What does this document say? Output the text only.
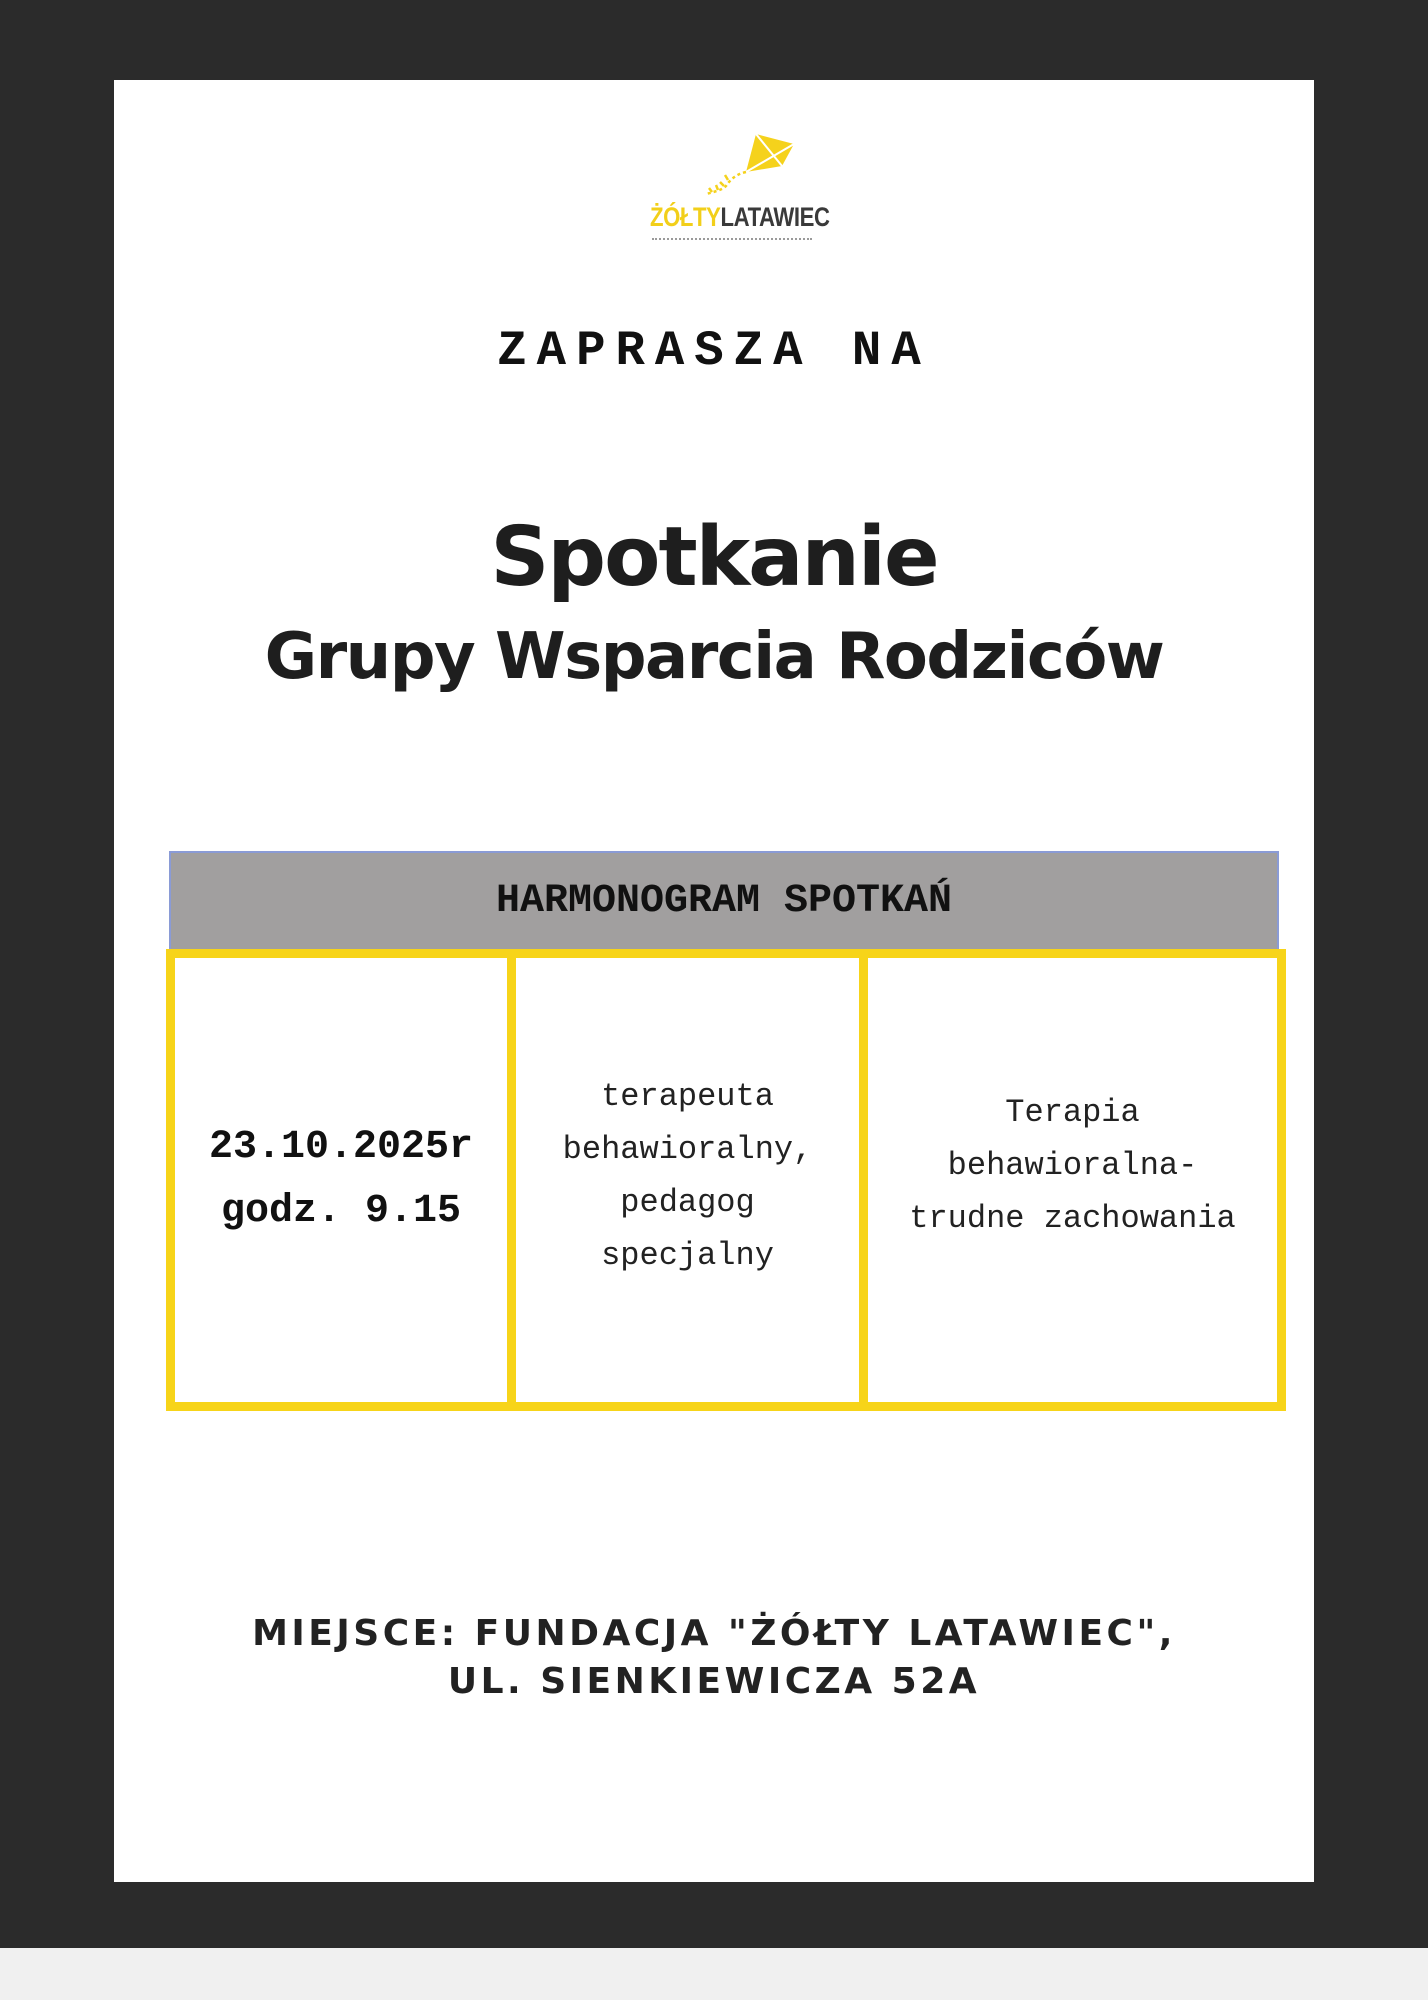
ŻÓŁTYLATAWIEC
ZAPRASZA NA
Spotkanie
Grupy Wsparcia Rodziców
HARMONOGRAM SPOTKAŃ
23.10.2025r
godz. 9.15
terapeuta
behawioralny,
pedagog
specjalny
Terapia
behawioralna-
trudne zachowania
MIEJSCE: FUNDACJA "ŻÓŁTY LATAWIEC",
UL. SIENKIEWICZA 52A
